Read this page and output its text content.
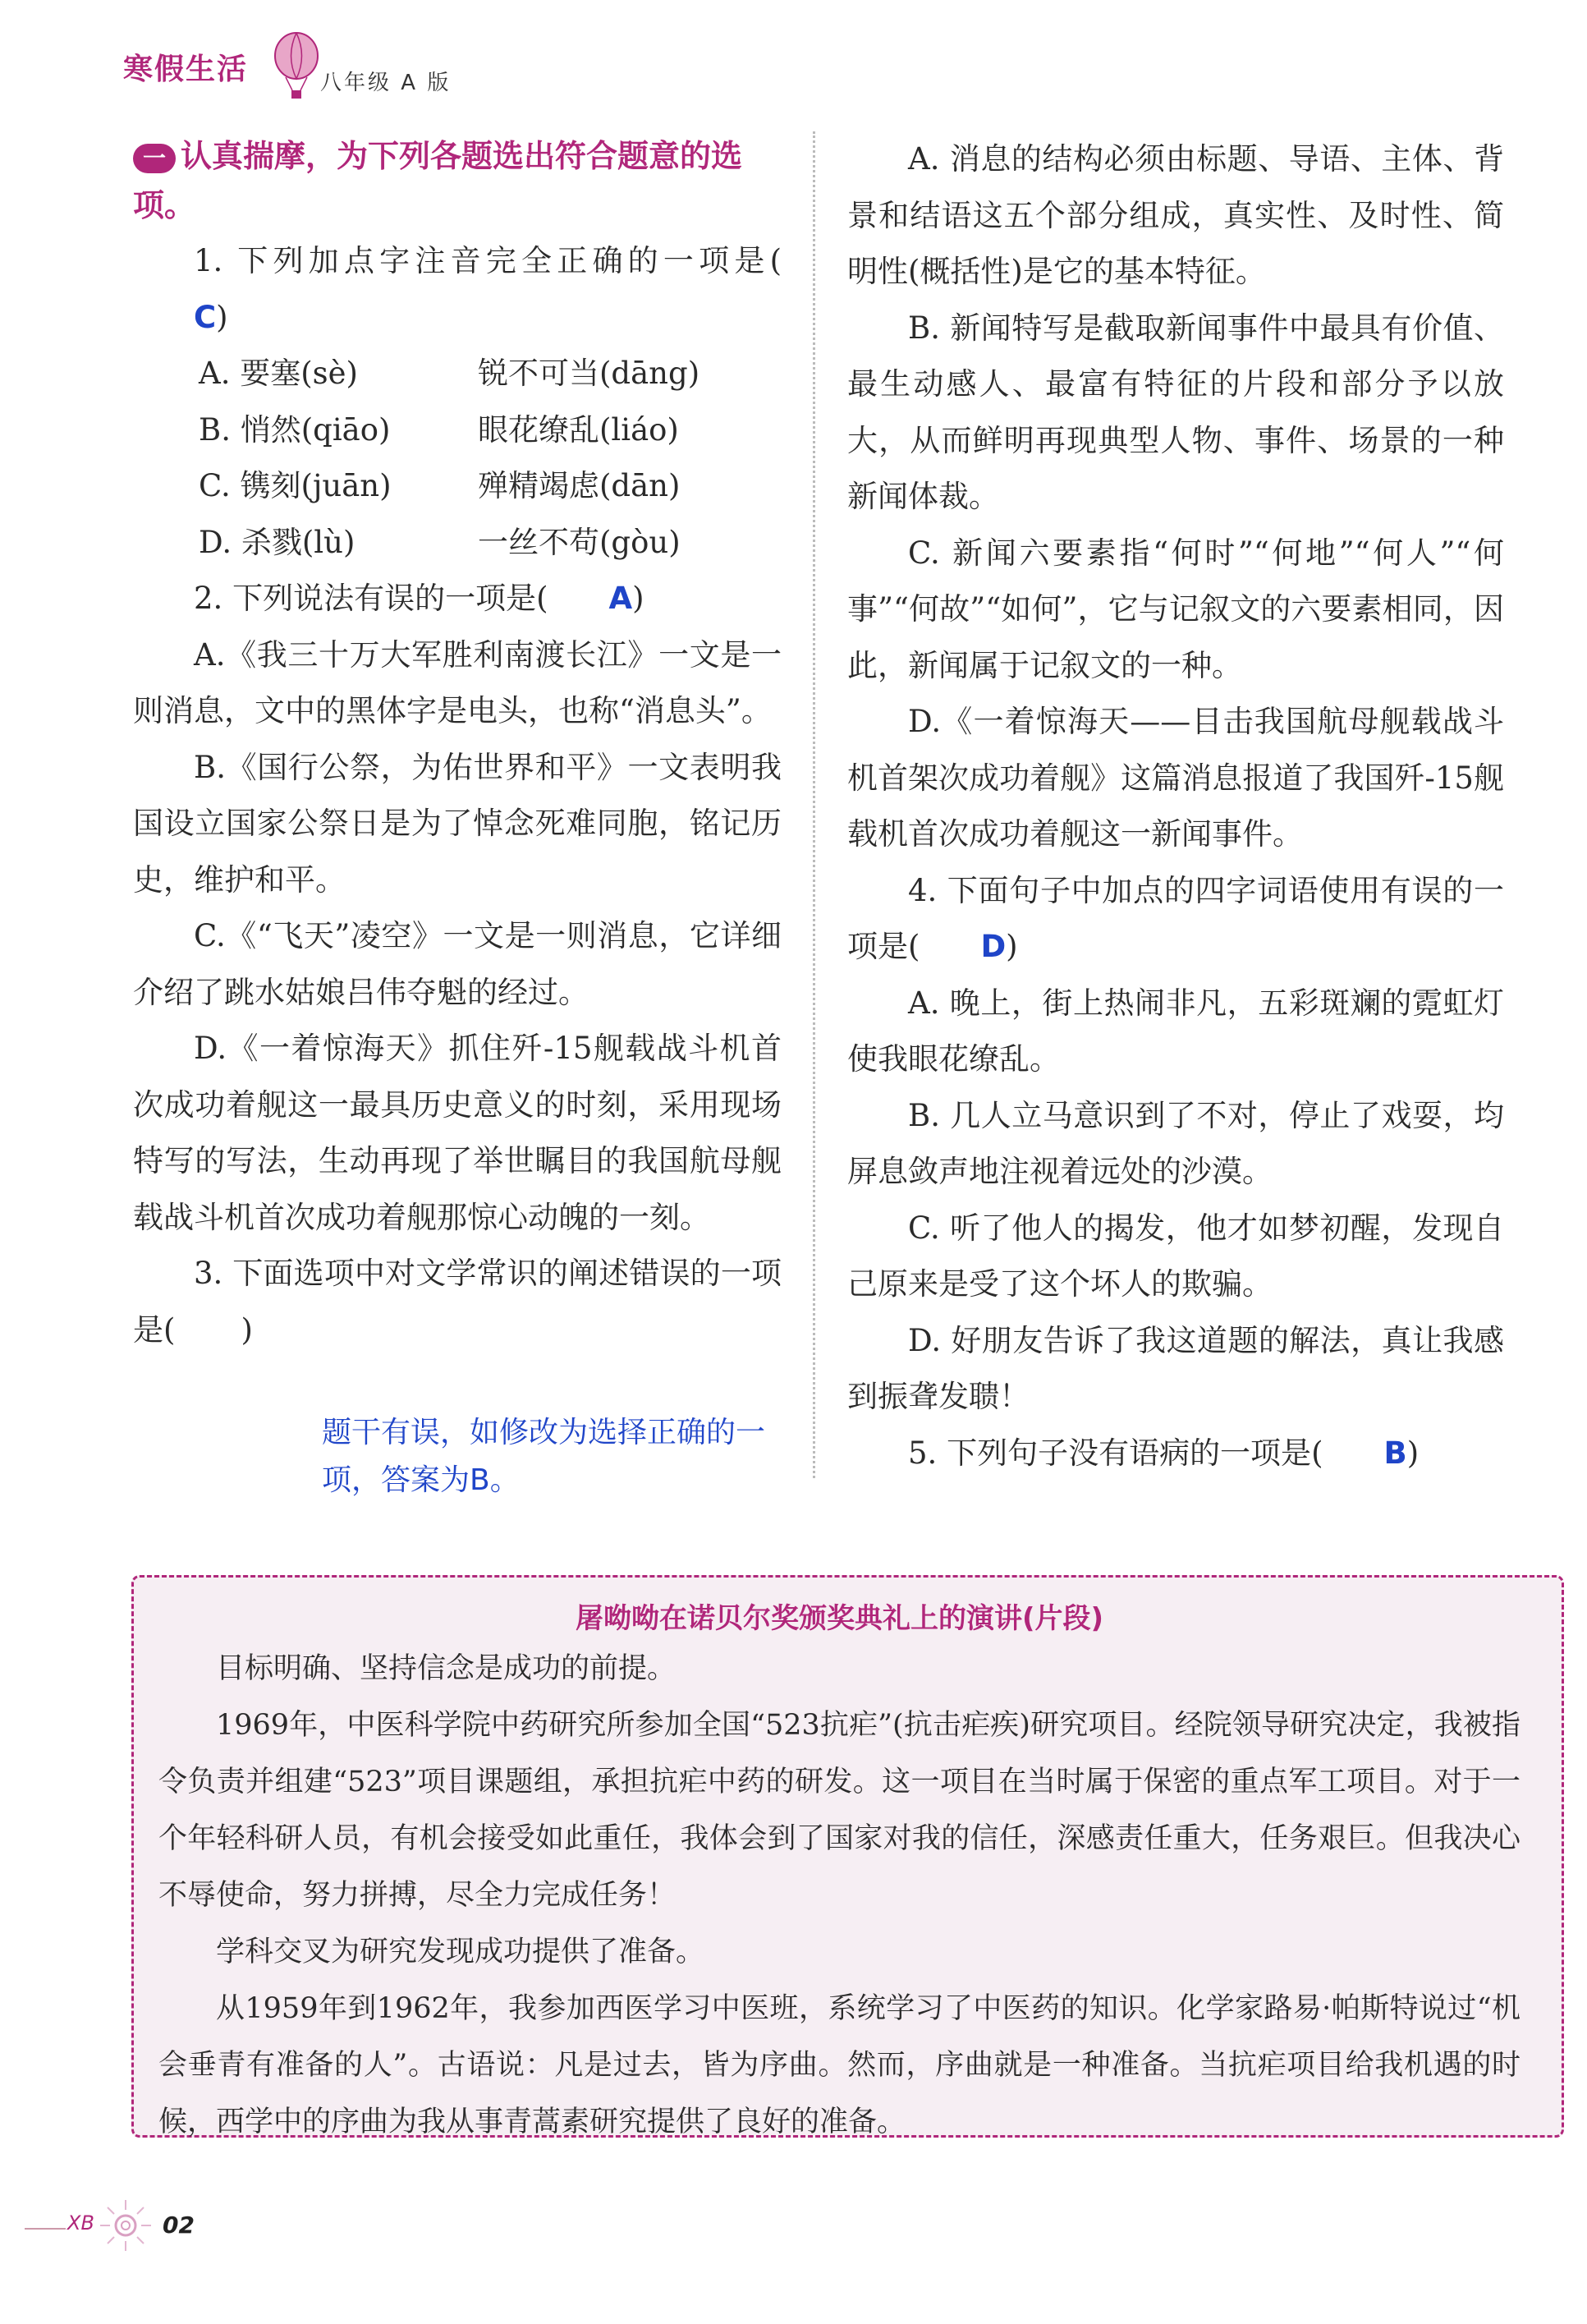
寒假生活	八年级 A 版
一 认真揣摩，为下列各题选出符合题意的选项。

1. 下列加点字注音完全正确的一项是(C)

A. 要塞(sè)	锐不可当(dāng)
B. 悄然(qiāo)	眼花缭乱(liáo)
C. 镌刻(juān)	殚精竭虑(dān)
D. 杀戮(lù)	一丝不苟(gòu)

2. 下列说法有误的一项是( A)

A.《我三十万大军胜利南渡长江》一文是一则消息，文中的黑体字是电头，也称“消息头”。

B.《国行公祭，为佑世界和平》一文表明我国设立国家公祭日是为了悼念死难同胞，铭记历史，维护和平。

C.《“飞天”凌空》一文是一则消息，它详细介绍了跳水姑娘吕伟夺魁的经过。

D.《一着惊海天》抓住歼-15舰载战斗机首次成功着舰这一最具历史意义的时刻，采用现场特写的写法，生动再现了举世瞩目的我国航母舰载战斗机首次成功着舰那惊心动魄的一刻。

3. 下面选项中对文学常识的阐述错误的一项是( )

题干有误，如修改为选择正确的一项，答案为B。

A. 消息的结构必须由标题、导语、主体、背景和结语这五个部分组成，真实性、及时性、简明性(概括性)是它的基本特征。

B. 新闻特写是截取新闻事件中最具有价值、最生动感人、最富有特征的片段和部分予以放大，从而鲜明再现典型人物、事件、场景的一种新闻体裁。

C. 新闻六要素指“何时”“何地”“何人”“何事”“何故”“如何”，它与记叙文的六要素相同，因此，新闻属于记叙文的一种。

D.《一着惊海天——目击我国航母舰载战斗机首架次成功着舰》这篇消息报道了我国歼-15舰载机首次成功着舰这一新闻事件。

4. 下面句子中加点的四字词语使用有误的一项是( D)

A. 晚上，街上热闹非凡，五彩斑斓的霓虹灯使我眼花缭乱。

B. 几人立马意识到了不对，停止了戏耍，均屏息敛声地注视着远处的沙漠。

C. 听了他人的揭发，他才如梦初醒，发现自己原来是受了这个坏人的欺骗。

D. 好朋友告诉了我这道题的解法，真让我感到振聋发聩！

5. 下列句子没有语病的一项是( B)

屠呦呦在诺贝尔奖颁奖典礼上的演讲(片段)

目标明确、坚持信念是成功的前提。

1969年，中医科学院中药研究所参加全国“523抗疟”(抗击疟疾)研究项目。经院领导研究决定，我被指令负责并组建“523”项目课题组，承担抗疟中药的研发。这一项目在当时属于保密的重点军工项目。对于一个年轻科研人员，有机会接受如此重任，我体会到了国家对我的信任，深感责任重大，任务艰巨。但我决心不辱使命，努力拼搏，尽全力完成任务！

学科交叉为研究发现成功提供了准备。

从1959年到1962年，我参加西医学习中医班，系统学习了中医药的知识。化学家路易·帕斯特说过“机会垂青有准备的人”。古语说：凡是过去，皆为序曲。然而，序曲就是一种准备。当抗疟项目给我机遇的时候，西学中的序曲为我从事青蒿素研究提供了良好的准备。

XB	02
